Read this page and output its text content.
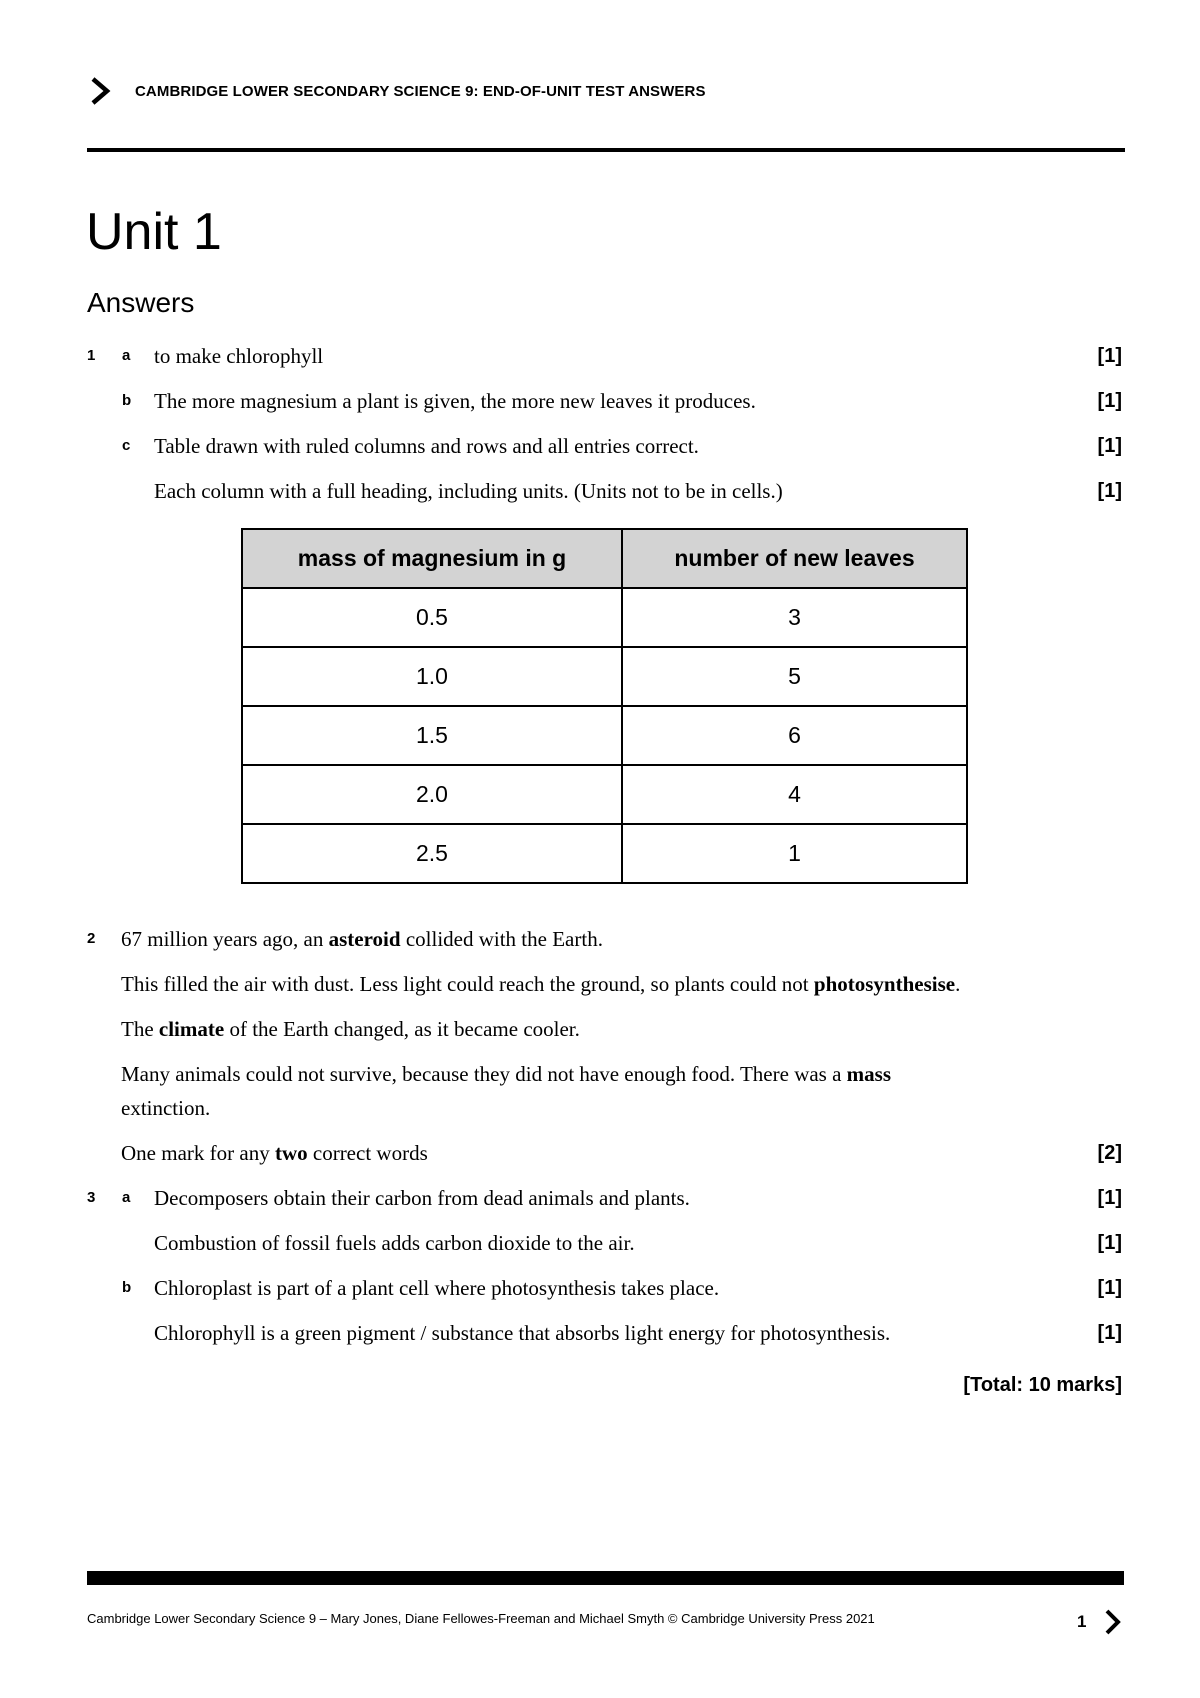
CAMBRIDGE LOWER SECONDARY SCIENCE 9: END-OF-UNIT TEST ANSWERS
Unit 1
Answers
1 a to make chlorophyll	[1]
b The more magnesium a plant is given, the more new leaves it produces.	[1]
c Table drawn with ruled columns and rows and all entries correct.	[1]
Each column with a full heading, including units. (Units not to be in cells.)	[1]
mass of magnesium in g	number of new leaves
0.5	3
1.0	5
1.5	6
2.0	4
2.5	1
2 67 million years ago, an asteroid collided with the Earth.
This filled the air with dust. Less light could reach the ground, so plants could not photosynthesise.
The climate of the Earth changed, as it became cooler.
Many animals could not survive, because they did not have enough food. There was a mass
extinction.
One mark for any two correct words	[2]
3 a Decomposers obtain their carbon from dead animals and plants.	[1]
Combustion of fossil fuels adds carbon dioxide to the air.	[1]
b Chloroplast is part of a plant cell where photosynthesis takes place.	[1]
Chlorophyll is a green pigment / substance that absorbs light energy for photosynthesis.	[1]
[Total: 10 marks]
Cambridge Lower Secondary Science 9 – Mary Jones, Diane Fellowes-Freeman and Michael Smyth © Cambridge University Press 2021	1
